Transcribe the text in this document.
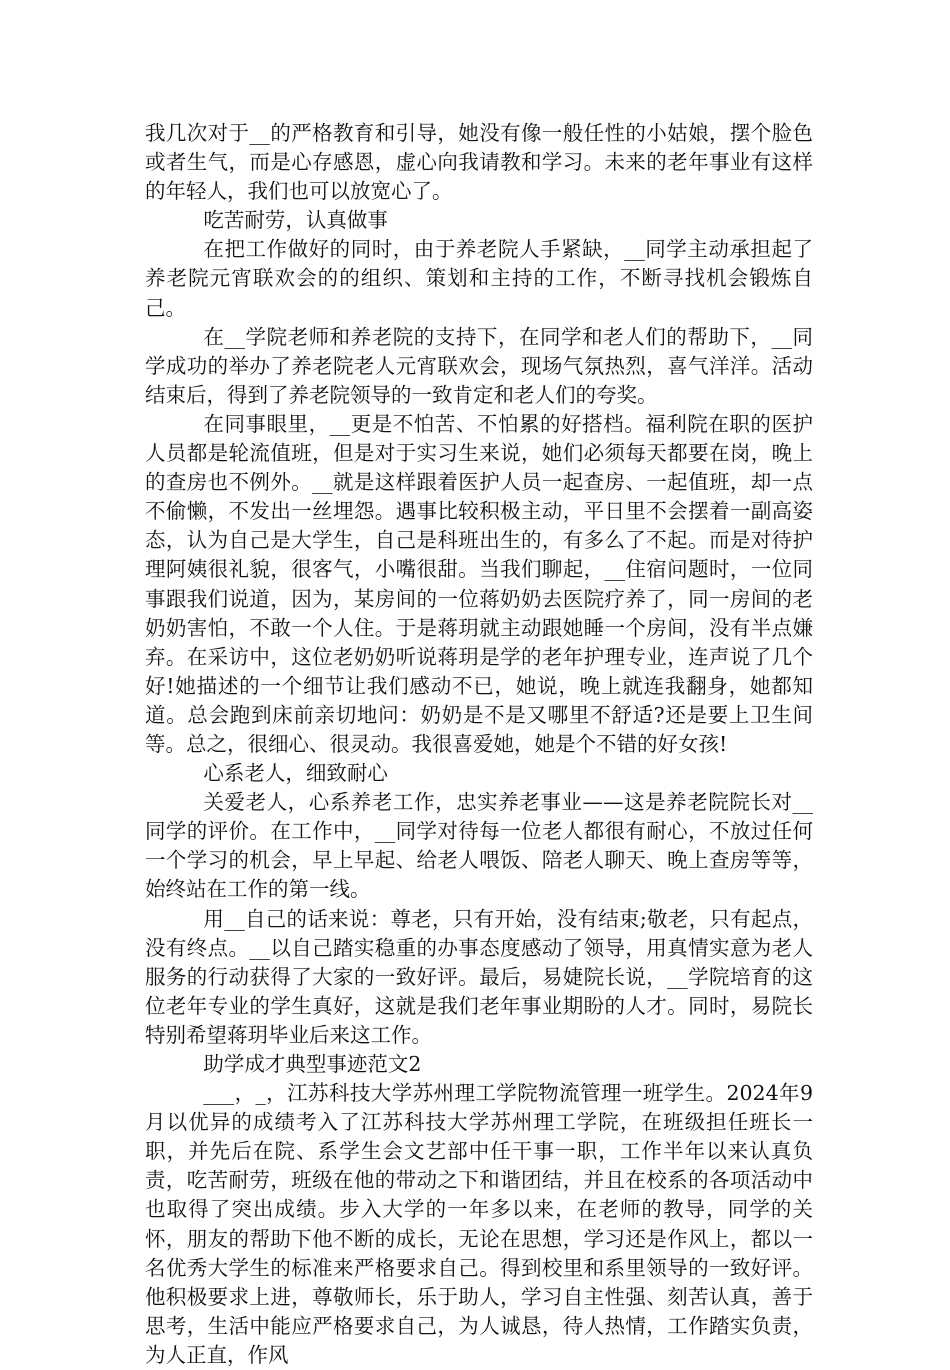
我几次对于__的严格教育和引导，她没有像一般任性的小姑娘，摆个脸色或者生气，而是心存感恩，虚心向我请教和学习。未来的老年事业有这样的年轻人，我们也可以放宽心了。

吃苦耐劳，认真做事

在把工作做好的同时，由于养老院人手紧缺，__同学主动承担起了养老院元宵联欢会的的组织、策划和主持的工作，不断寻找机会锻炼自己。

在__学院老师和养老院的支持下，在同学和老人们的帮助下，__同学成功的举办了养老院老人元宵联欢会，现场气氛热烈，喜气洋洋。活动结束后，得到了养老院领导的一致肯定和老人们的夸奖。

在同事眼里，__更是不怕苦、不怕累的好搭档。福利院在职的医护人员都是轮流值班，但是对于实习生来说，她们必须每天都要在岗，晚上的查房也不例外。__就是这样跟着医护人员一起查房、一起值班，却一点不偷懒，不发出一丝埋怨。遇事比较积极主动，平日里不会摆着一副高姿态，认为自己是大学生，自己是科班出生的，有多么了不起。而是对待护理阿姨很礼貌，很客气，小嘴很甜。当我们聊起，__住宿问题时，一位同事跟我们说道，因为，某房间的一位蒋奶奶去医院疗养了，同一房间的老奶奶害怕，不敢一个人住。于是蒋玥就主动跟她睡一个房间，没有半点嫌弃。在采访中，这位老奶奶听说蒋玥是学的老年护理专业，连声说了几个好!她描述的一个细节让我们感动不已，她说，晚上就连我翻身，她都知道。总会跑到床前亲切地问：奶奶是不是又哪里不舒适?还是要上卫生间等。总之，很细心、很灵动。我很喜爱她，她是个不错的好女孩!

心系老人，细致耐心

关爱老人，心系养老工作，忠实养老事业——这是养老院院长对__同学的评价。在工作中，__同学对待每一位老人都很有耐心，不放过任何一个学习的机会，早上早起、给老人喂饭、陪老人聊天、晚上查房等等，始终站在工作的第一线。

用__自己的话来说：尊老，只有开始，没有结束;敬老，只有起点，没有终点。__以自己踏实稳重的办事态度感动了领导，用真情实意为老人服务的行动获得了大家的一致好评。最后，易婕院长说，__学院培育的这位老年专业的学生真好，这就是我们老年事业期盼的人才。同时，易院长特别希望蒋玥毕业后来这工作。

助学成才典型事迹范文2

___，_，江苏科技大学苏州理工学院物流管理一班学生。2024年9月以优异的成绩考入了江苏科技大学苏州理工学院，在班级担任班长一职，并先后在院、系学生会文艺部中任干事一职，工作半年以来认真负责，吃苦耐劳，班级在他的带动之下和谐团结，并且在校系的各项活动中也取得了突出成绩。步入大学的一年多以来，在老师的教导，同学的关怀，朋友的帮助下他不断的成长，无论在思想，学习还是作风上，都以一名优秀大学生的标准来严格要求自己。得到校里和系里领导的一致好评。他积极要求上进，尊敬师长，乐于助人，学习自主性强、刻苦认真，善于思考，生活中能应严格要求自己，为人诚恳，待人热情，工作踏实负责，为人正直，作风
